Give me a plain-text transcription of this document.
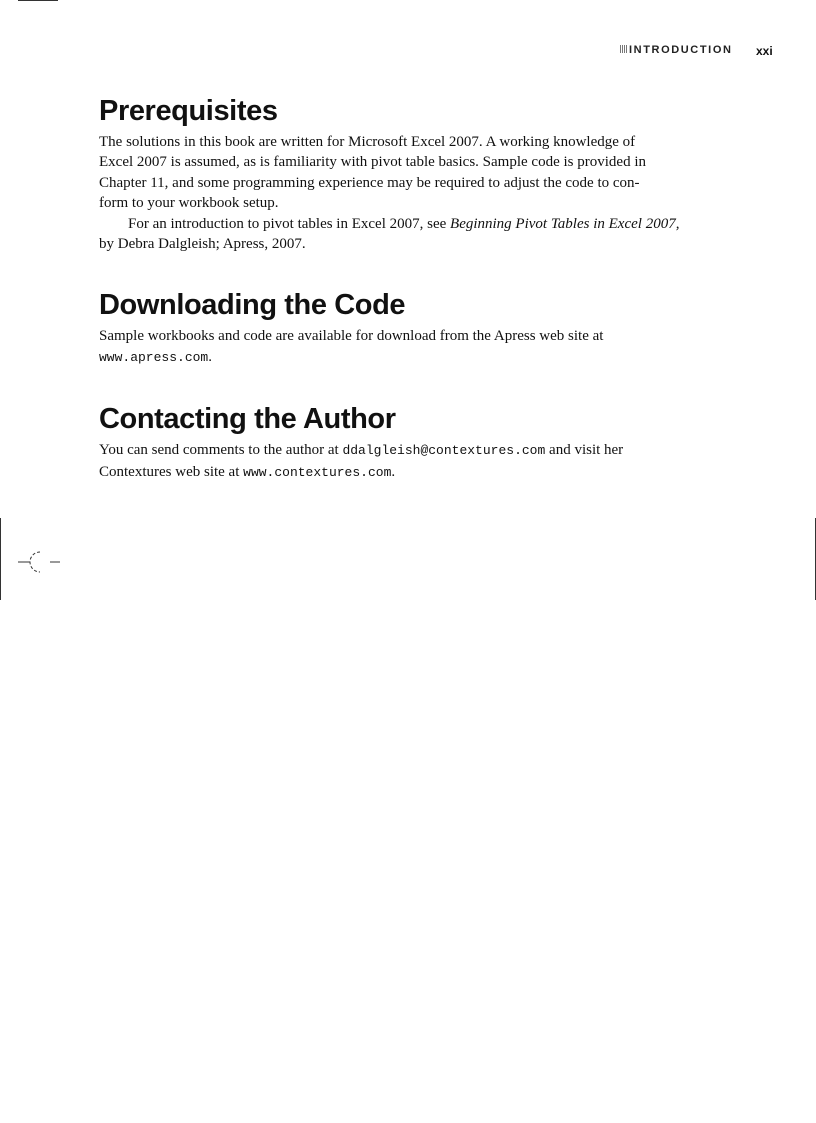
INTRODUCTION xxi
Prerequisites

The solutions in this book are written for Microsoft Excel 2007. A working knowledge of
Excel 2007 is assumed, as is familiarity with pivot table basics. Sample code is provided in
Chapter 11, and some programming experience may be required to adjust the code to con-
form to your workbook setup.

For an introduction to pivot tables in Excel 2007, see Beginning Pivot Tables in Excel 2007,
by Debra Dalgleish; Apress, 2007.

Downloading the Code

Sample workbooks and code are available for download from the Apress web site at
www.apress.com.

Contacting the Author

You can send comments to the author at ddalgleish@contextures.com and visit her
Contextures web site at www.contextures.com.
